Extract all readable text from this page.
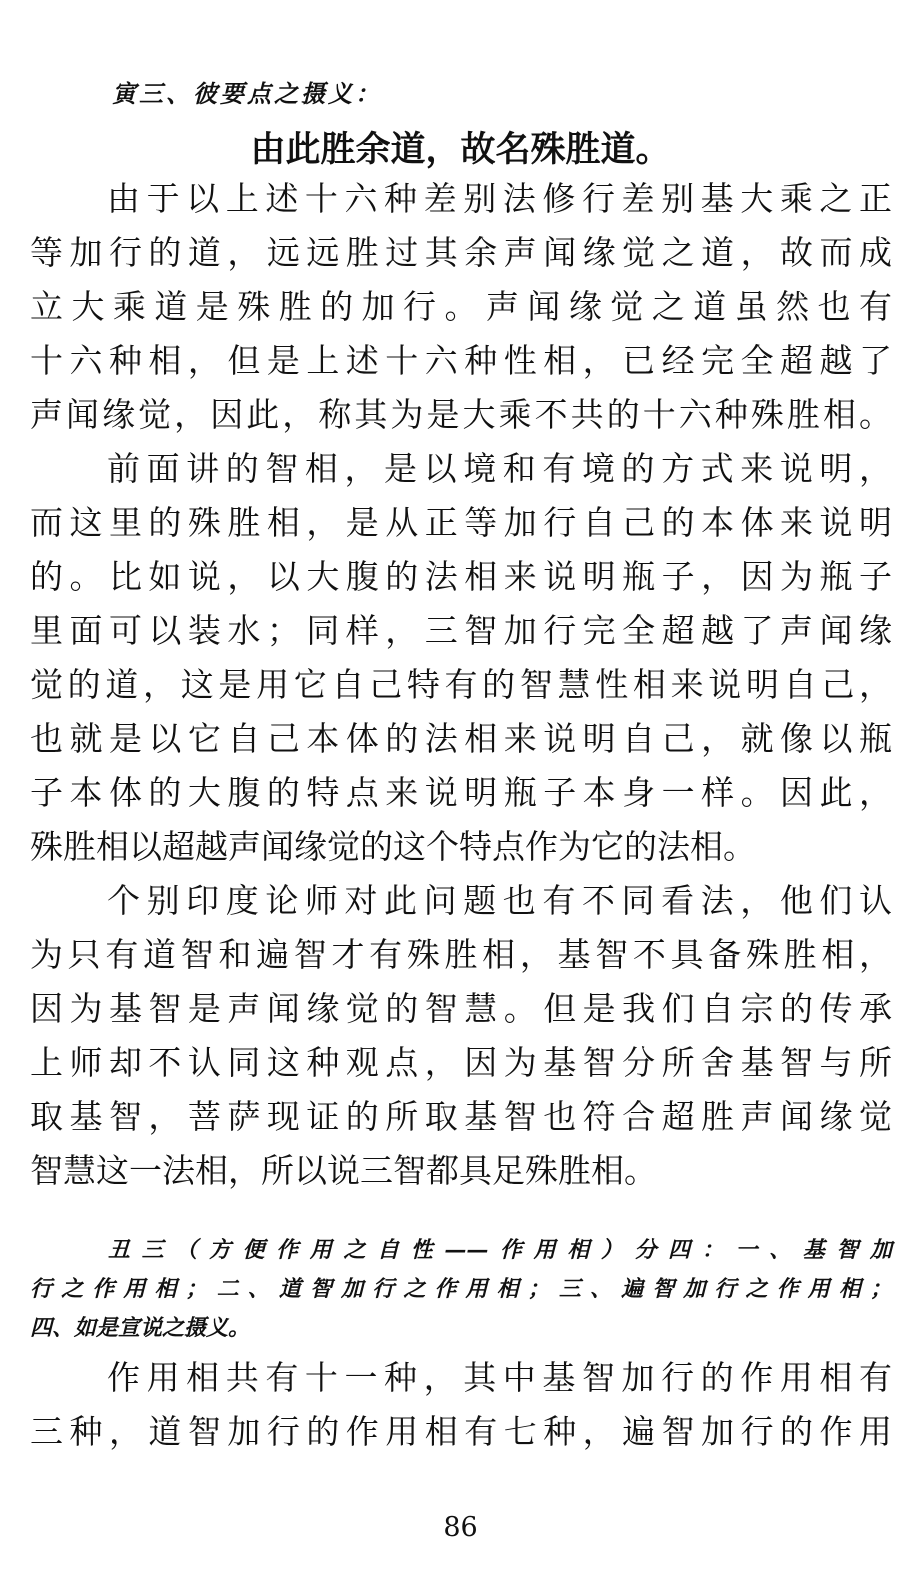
寅三、彼要点之摄义：
由此胜余道，故名殊胜道。
由于以上述十六种差别法修行差别基大乘之正
等加行的道，远远胜过其余声闻缘觉之道，故而成
立大乘道是殊胜的加行。声闻缘觉之道虽然也有
十六种相，但是上述十六种性相，已经完全超越了
声闻缘觉，因此，称其为是大乘不共的十六种殊胜相。
前面讲的智相，是以境和有境的方式来说明，
而这里的殊胜相，是从正等加行自己的本体来说明
的。比如说，以大腹的法相来说明瓶子，因为瓶子
里面可以装水；同样，三智加行完全超越了声闻缘
觉的道，这是用它自己特有的智慧性相来说明自己，
也就是以它自己本体的法相来说明自己，就像以瓶
子本体的大腹的特点来说明瓶子本身一样。因此，
殊胜相以超越声闻缘觉的这个特点作为它的法相。
个别印度论师对此问题也有不同看法，他们认
为只有道智和遍智才有殊胜相，基智不具备殊胜相，
因为基智是声闻缘觉的智慧。但是我们自宗的传承
上师却不认同这种观点，因为基智分所舍基智与所
取基智，菩萨现证的所取基智也符合超胜声闻缘觉
智慧这一法相，所以说三智都具足殊胜相。
丑三（方便作用之自性——作用相）分四：一、基智加
行之作用相；二、道智加行之作用相；三、遍智加行之作用相；
四、如是宣说之摄义。
作用相共有十一种，其中基智加行的作用相有
三种，道智加行的作用相有七种，遍智加行的作用
86
